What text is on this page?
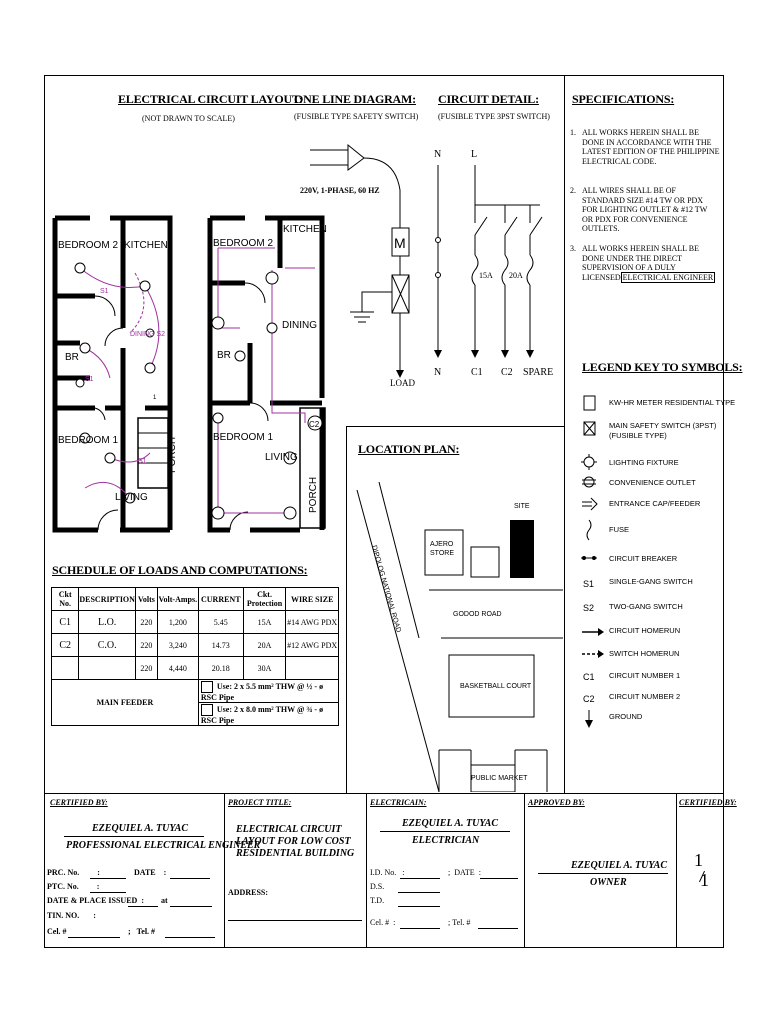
ELECTRICAL CIRCUIT LAYOUT:
(NOT DRAWN TO SCALE)
BEDROOM 2 KITCHEN
DINING S2
BR
BEDROOM 1
LIVING
PORCH
S1
S1
S1
1
BEDROOM 2
KITCHEN
DINING
BR
BEDROOM 1
LIVING
PORCH
C2
ONE LINE DIAGRAM:
(FUSIBLE TYPE SAFETY SWITCH)
M
220V, 1-PHASE, 60 HZ
LOAD
CIRCUIT DETAIL:
(FUSIBLE TYPE 3PST SWITCH)
N	L
15A 20A
N	C1 C2 SPARE
SPECIFICATIONS:
1. ALL WORKS HEREIN SHALL BE DONE IN ACCORDANCE WITH THE LATEST EDITION OF THE PHILIPPINE ELECTRICAL CODE.
2. ALL WIRES SHALL BE OF STANDARD SIZE #14 TW OR PDX FOR LIGHTING OUTLET & #12 TW OR PDX FOR CONVENIENCE OUTLETS.
3. ALL WORKS HEREIN SHALL BE DONE UNDER THE DIRECT SUPERVISION OF A DULY LICENSED ELECTRICAL ENGINEER
LEGEND KEY TO SYMBOLS:
S1
S2
C1
C2
KW-HR METER RESIDENTIAL TYPE
MAIN SAFETY SWITCH (3PST) (FUSIBLE TYPE)
LIGHTING FIXTURE
CONVENIENCE OUTLET
ENTRANCE CAP/FEEDER
FUSE
CIRCUIT BREAKER
SINGLE-GANG SWITCH
TWO-GANG SWITCH
CIRCUIT HOMERUN
SWITCH HOMERUN
CIRCUIT NUMBER 1
CIRCUIT NUMBER 2
GROUND
LOCATION PLAN:
DIPOLOG NATIONAL ROAD	GODOD ROAD
SITE
BASKETBALL COURT
PUBLIC MARKET
AJERO STORE
SCHEDULE OF LOADS AND COMPUTATIONS:
Ckt No.	DESCRIPTION	Volts	Volt-Amps.	CURRENT	Ckt. Protection	WIRE SIZE
C1	L.O.	220	1,200	5.45	15A	#14 AWG PDX
C2	C.O.	220	3,240	14.73	20A	#12 AWG PDX
		220	4,440	20.18	30A	
MAIN FEEDER				Use: 2 x 5.5 mm² THW @ ½ - ø RSC Pipe		
				Use: 2 x 8.0 mm² THW @ ¾ - ø RSC Pipe		
CERTIFIED BY:
EZEQUIEL A. TUYAC
PROFESSIONAL ELECTRICAL ENGINEER
PRC. No. :	DATE :
PTC. No. :
DATE & PLACE ISSUED : at
TIN. NO. :
Cel. #	; Tel. #
PROJECT TITLE:
ELECTRICAL CIRCUIT LAYOUT FOR LOW COST RESIDENTIAL BUILDING
ADDRESS:
ELECTRICAIN:
EZEQUIEL A. TUYAC
ELECTRICIAN
I.D. No. :	; DATE :
D.S.
T.D.
Cel. # :	; Tel. #
APPROVED BY:
EZEQUIEL A. TUYAC
OWNER
CERTIFIED BY:
1
1
